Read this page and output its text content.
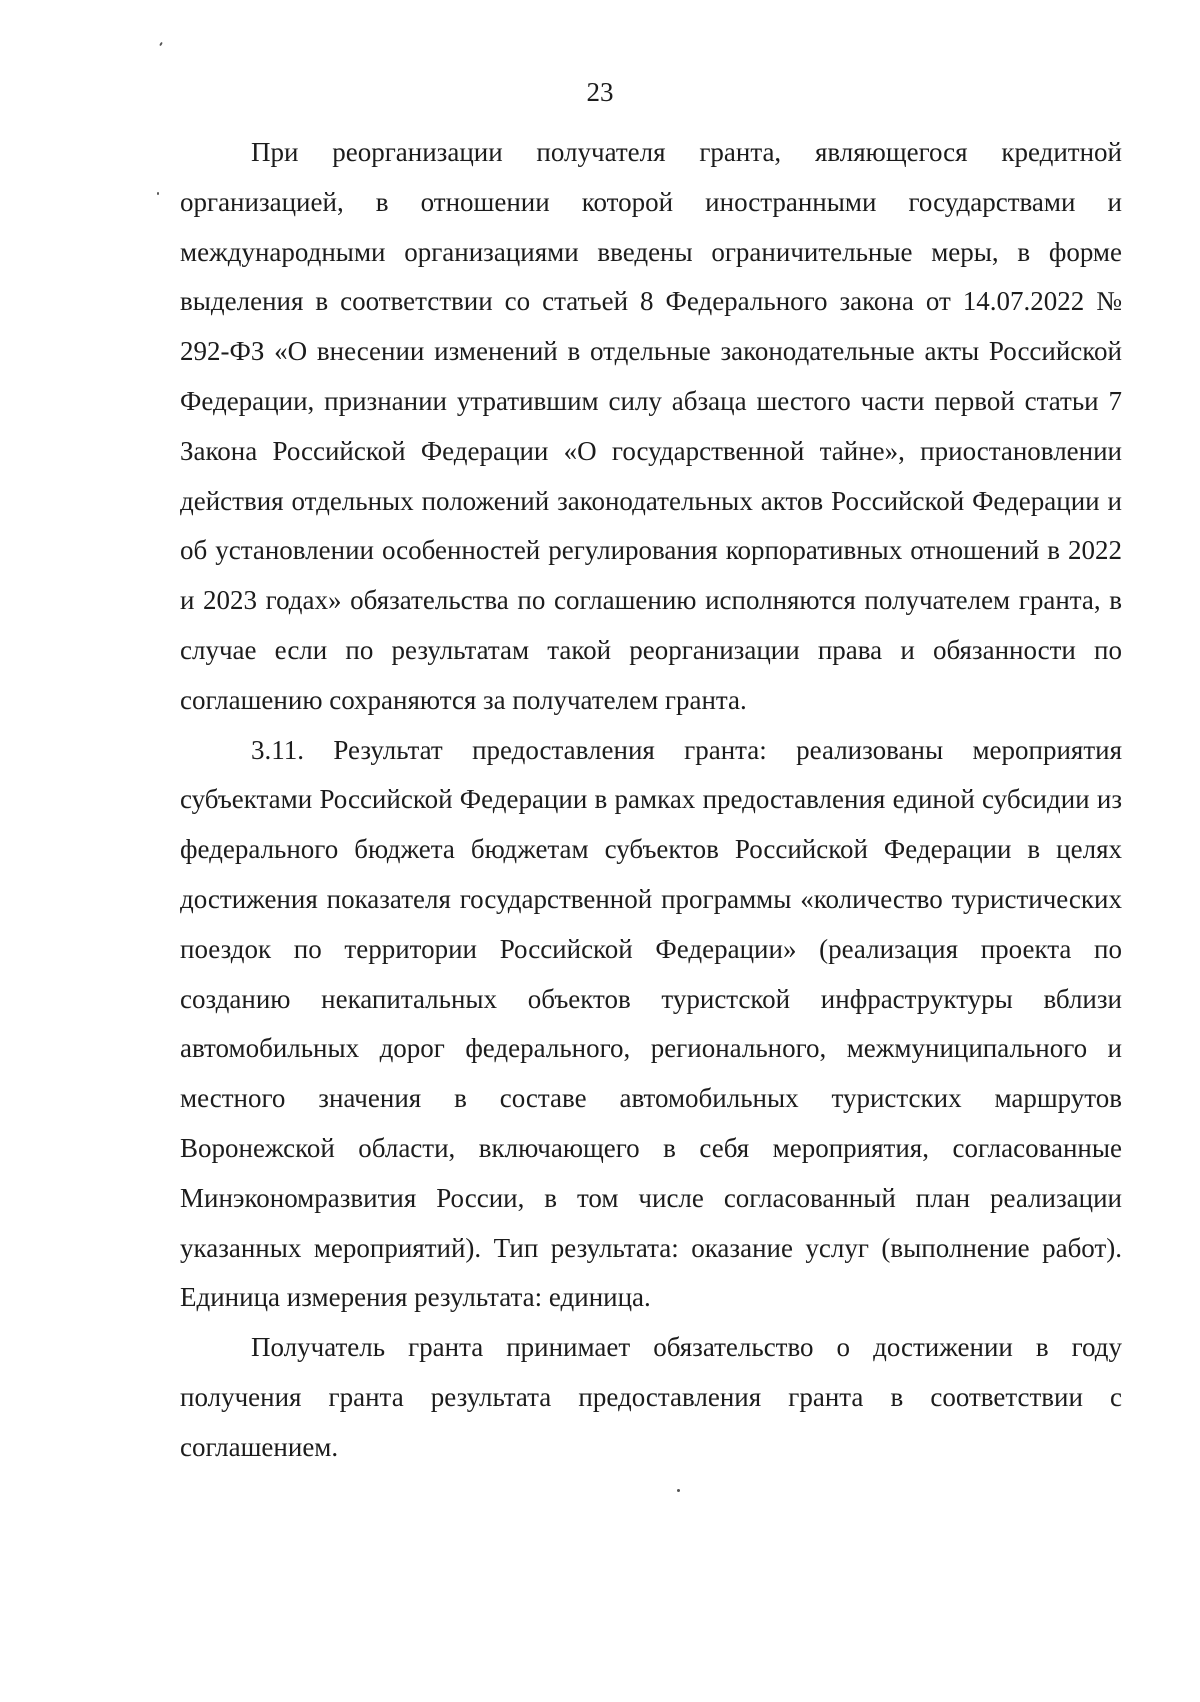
23

При реорганизации получателя гранта, являющегося кредитной организацией, в отношении которой иностранными государствами и международными организациями введены ограничительные меры, в форме выделения в соответствии со статьей 8 Федерального закона от 14.07.2022 № 292-ФЗ «О внесении изменений в отдельные законодательные акты Российской Федерации, признании утратившим силу абзаца шестого части первой статьи 7 Закона Российской Федерации «О государственной тайне», приостановлении действия отдельных положений законодательных актов Российской Федерации и об установлении особенностей регулирования корпоративных отношений в 2022 и 2023 годах» обязательства по соглашению исполняются получателем гранта, в случае если по результатам такой реорганизации права и обязанности по соглашению сохраняются за получателем гранта.

3.11. Результат предоставления гранта: реализованы мероприятия субъектами Российской Федерации в рамках предоставления единой субсидии из федерального бюджета бюджетам субъектов Российской Федерации в целях достижения показателя государственной программы «количество туристических поездок по территории Российской Федерации» (реализация проекта по созданию некапитальных объектов туристской инфраструктуры вблизи автомобильных дорог федерального, регионального, межмуниципального и местного значения в составе автомобильных туристских маршрутов Воронежской области, включающего в себя мероприятия, согласованные Минэкономразвития России, в том числе согласованный план реализации указанных мероприятий). Тип результата: оказание услуг (выполнение работ). Единица измерения результата: единица.

Получатель гранта принимает обязательство о достижении в году получения гранта результата предоставления гранта в соответствии с соглашением.
